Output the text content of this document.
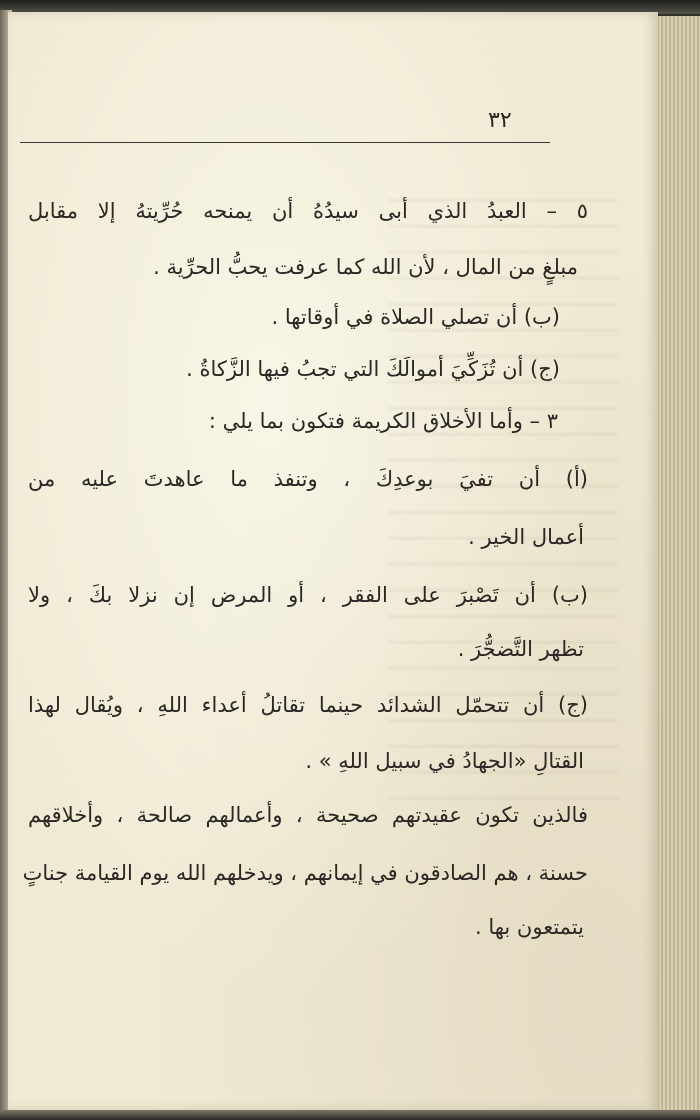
٣٢
٥ – العبدُ الذي أبى سيدُهُ أن يمنحه حُرِّيتهُ إلا مقابل
مبلغٍ من المال ، لأن الله كما عرفت يحبُّ الحرِّية .
(ب) أن تصلي الصلاة في أوقاتها .
(ج) أن تُزَكِّيَ أموالَكَ التي تجبُ فيها الزَّكاةُ .
٣ – وأما الأخلاق الكريمة فتكون بما يلي :
(أ) أن تفيَ بوعدِكَ ، وتنفذ ما عاهدتَ عليه من
أعمال الخير .
(ب) أن تَصْبرَ على الفقر ، أو المرض إن نزلا بكَ ، ولا
تظهر التَّضجُّرَ .
(ج) أن تتحمّل الشدائد حينما تقاتلُ أعداء اللهِ ، ويُقال لهذا
القتالِ «الجهادُ في سبيل اللهِ » .
فالذين تكون عقيدتهم صحيحة ، وأعمالهم صالحة ، وأخلاقهم
حسنة ، هم الصادقون في إيمانهم ، ويدخلهم الله يوم القيامة جناتٍ
يتمتعون بها .
